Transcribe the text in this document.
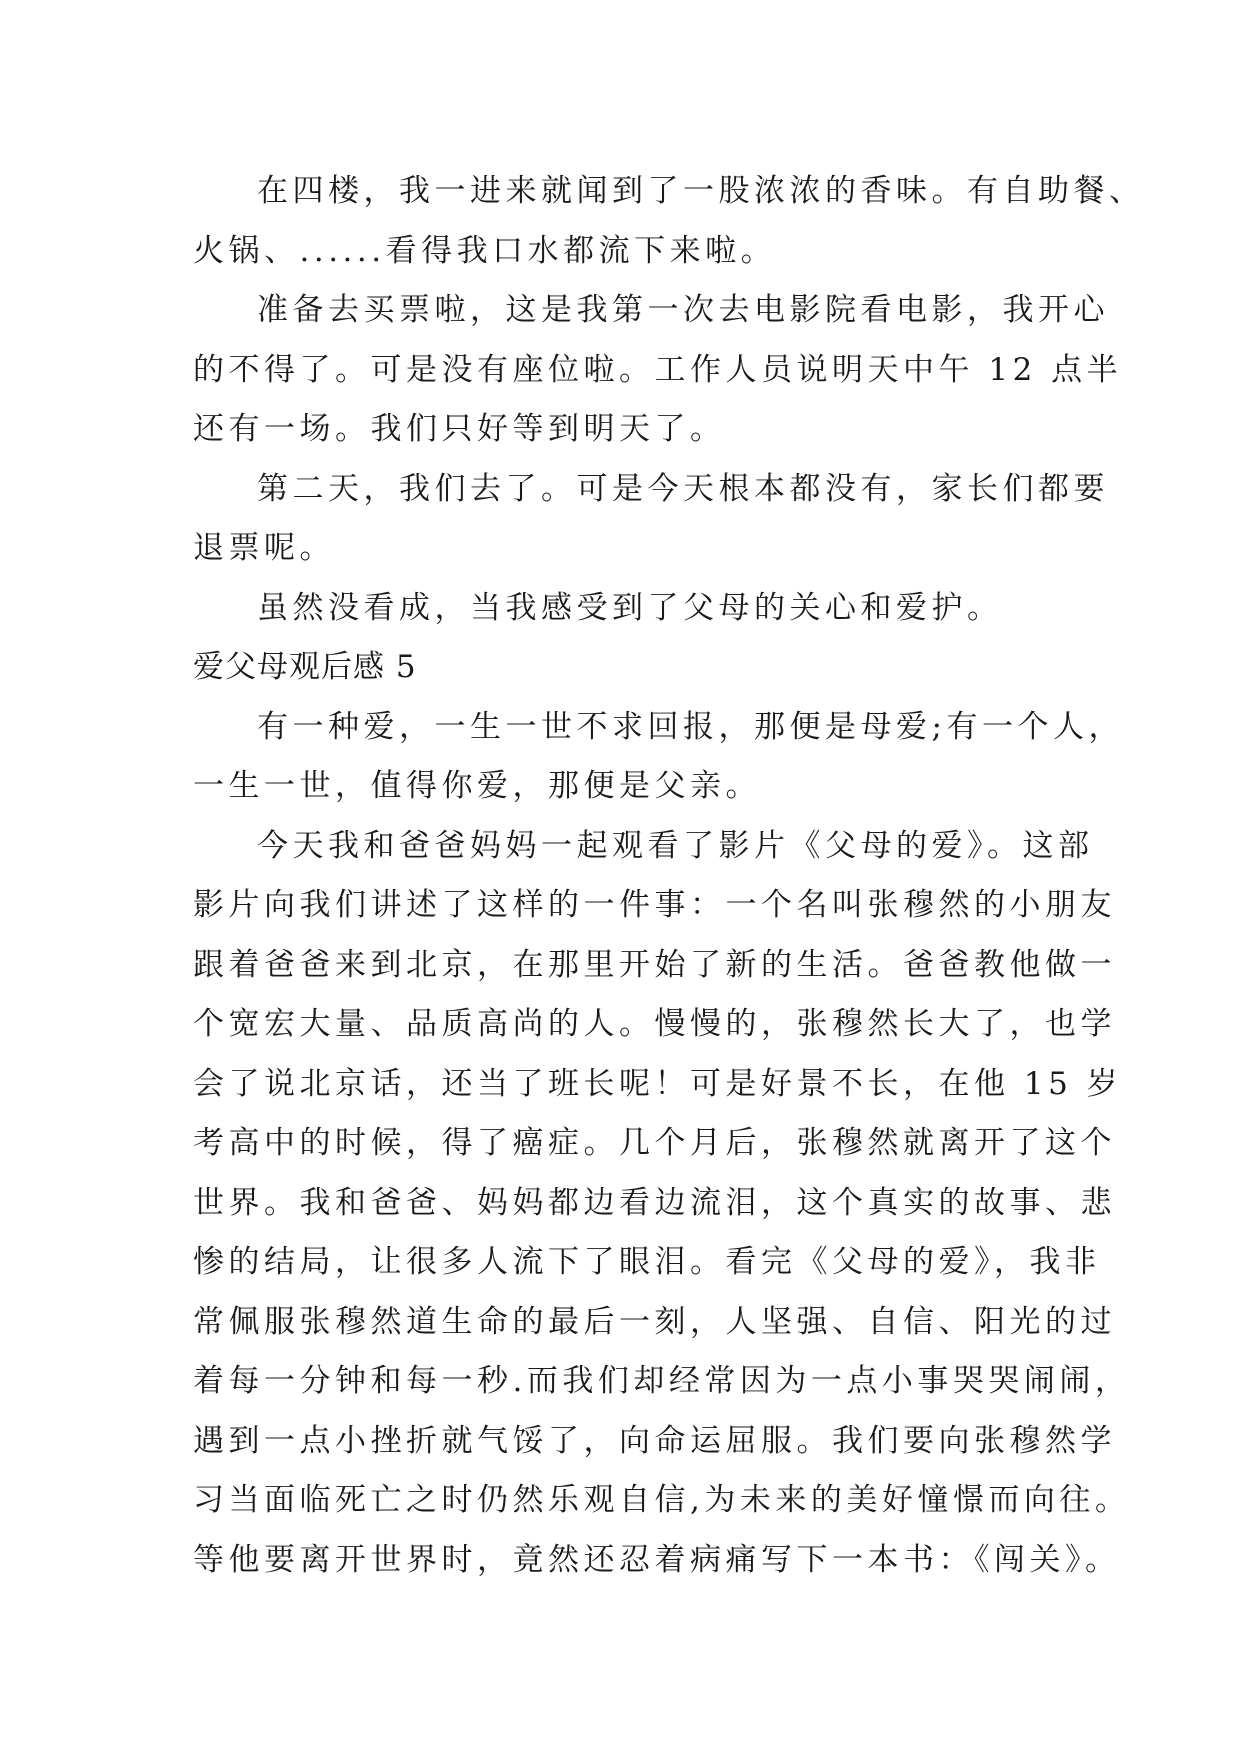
在四楼，我一进来就闻到了一股浓浓的香味。有自助餐、
火锅、......看得我口水都流下来啦。
准备去买票啦，这是我第一次去电影院看电影，我开心
的不得了。可是没有座位啦。工作人员说明天中午 12 点半
还有一场。我们只好等到明天了。
第二天，我们去了。可是今天根本都没有，家长们都要
退票呢。
虽然没看成，当我感受到了父母的关心和爱护。
爱父母观后感 5
有一种爱，一生一世不求回报，那便是母爱;有一个人，
一生一世，值得你爱，那便是父亲。
今天我和爸爸妈妈一起观看了影片《父母的爱》。这部
影片向我们讲述了这样的一件事：一个名叫张穆然的小朋友
跟着爸爸来到北京，在那里开始了新的生活。爸爸教他做一
个宽宏大量、品质高尚的人。慢慢的，张穆然长大了，也学
会了说北京话，还当了班长呢！可是好景不长，在他 15 岁
考高中的时候，得了癌症。几个月后，张穆然就离开了这个
世界。我和爸爸、妈妈都边看边流泪，这个真实的故事、悲
惨的结局，让很多人流下了眼泪。看完《父母的爱》，我非
常佩服张穆然道生命的最后一刻，人坚强、自信、阳光的过
着每一分钟和每一秒.而我们却经常因为一点小事哭哭闹闹，
遇到一点小挫折就气馁了，向命运屈服。我们要向张穆然学
习当面临死亡之时仍然乐观自信,为未来的美好憧憬而向往。
等他要离开世界时，竟然还忍着病痛写下一本书：《闯关》。
